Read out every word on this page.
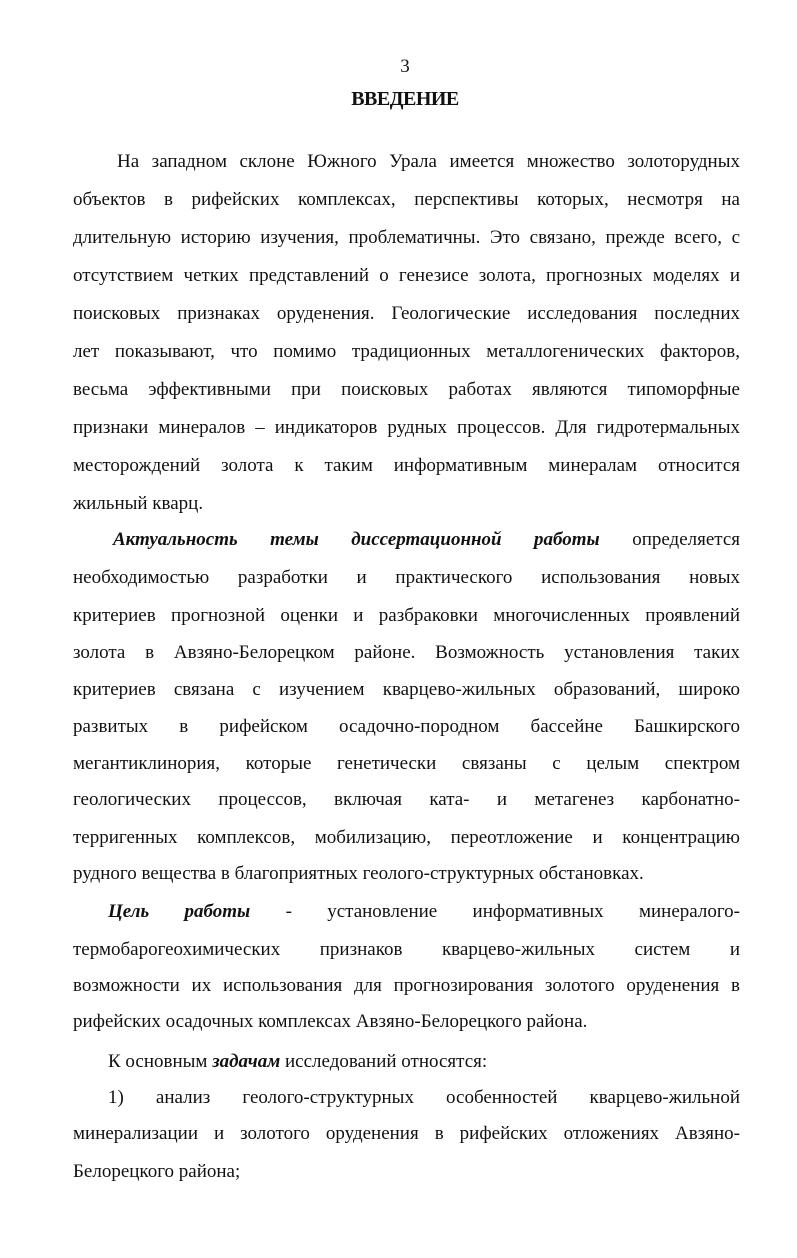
3
ВВЕДЕНИЕ
На западном склоне Южного Урала имеется множество золоторудных
объектов в рифейских комплексах, перспективы которых, несмотря на
длительную историю изучения, проблематичны. Это связано, прежде всего, с
отсутствием четких представлений о генезисе золота, прогнозных моделях и
поисковых признаках оруденения. Геологические исследования последних
лет показывают, что помимо традиционных металлогенических факторов,
весьма эффективными при поисковых работах являются типоморфные
признаки минералов – индикаторов рудных процессов. Для гидротермальных
месторождений золота к таким информативным минералам относится
жильный кварц.
Актуальность темы диссертационной работы определяется
необходимостью разработки и практического использования новых
критериев прогнозной оценки и разбраковки многочисленных проявлений
золота в Авзяно-Белорецком районе. Возможность установления таких
критериев связана с изучением кварцево-жильных образований, широко
развитых в рифейском осадочно-породном бассейне Башкирского
мегантиклинория, которые генетически связаны с целым спектром
геологических процессов, включая ката- и метагенез карбонатно-
терригенных комплексов, мобилизацию, переотложение и концентрацию
рудного вещества в благоприятных геолого-структурных обстановках.
Цель работы - установление информативных минералого-
термобарогеохимических признаков кварцево-жильных систем и
возможности их использования для прогнозирования золотого оруденения в
рифейских осадочных комплексах Авзяно-Белорецкого района.
К основным задачам исследований относятся:
1) анализ геолого-структурных особенностей кварцево-жильной
минерализации и золотого оруденения в рифейских отложениях Авзяно-
Белорецкого района;
